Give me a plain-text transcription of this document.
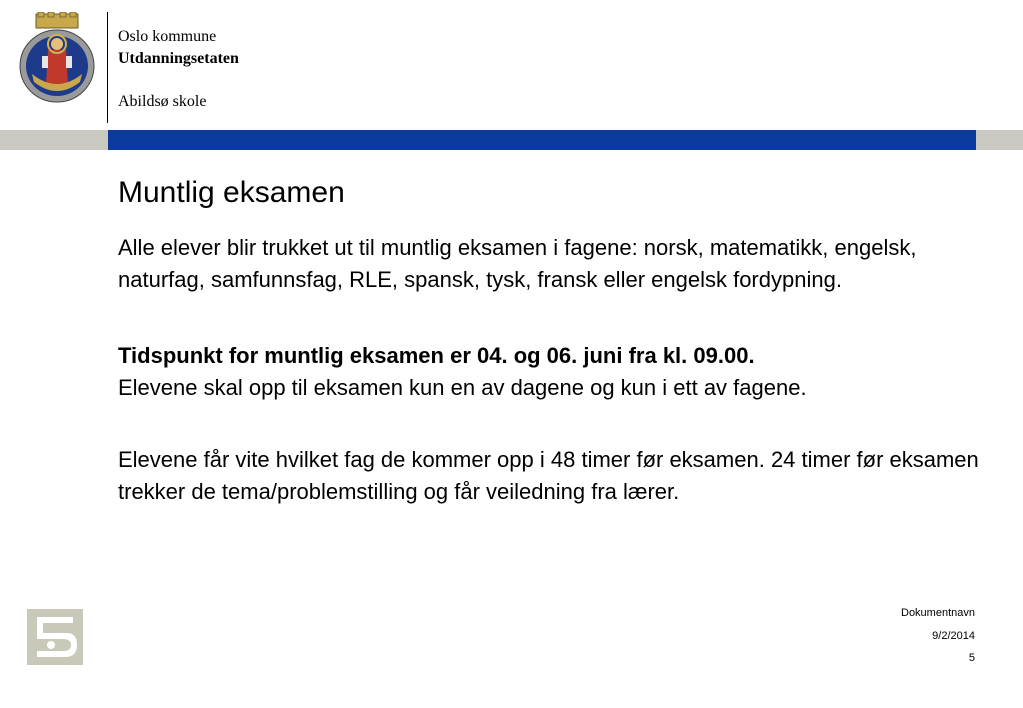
Oslo kommune
Utdanningsetaten
Abildsø skole
Muntlig eksamen

Alle elever blir trukket ut til muntlig eksamen i fagene: norsk, matematikk, engelsk, naturfag, samfunnsfag, RLE, spansk, tysk, fransk eller engelsk fordypning.

Tidspunkt for muntlig eksamen er 04. og 06. juni fra kl. 09.00.
Elevene skal opp til eksamen kun en av dagene og kun i ett av fagene.

Elevene får vite hvilket fag de kommer opp i 48 timer før eksamen. 24 timer før eksamen trekker de tema/problemstilling og får veiledning fra lærer.

Dokumentnavn
9/2/2014
5
